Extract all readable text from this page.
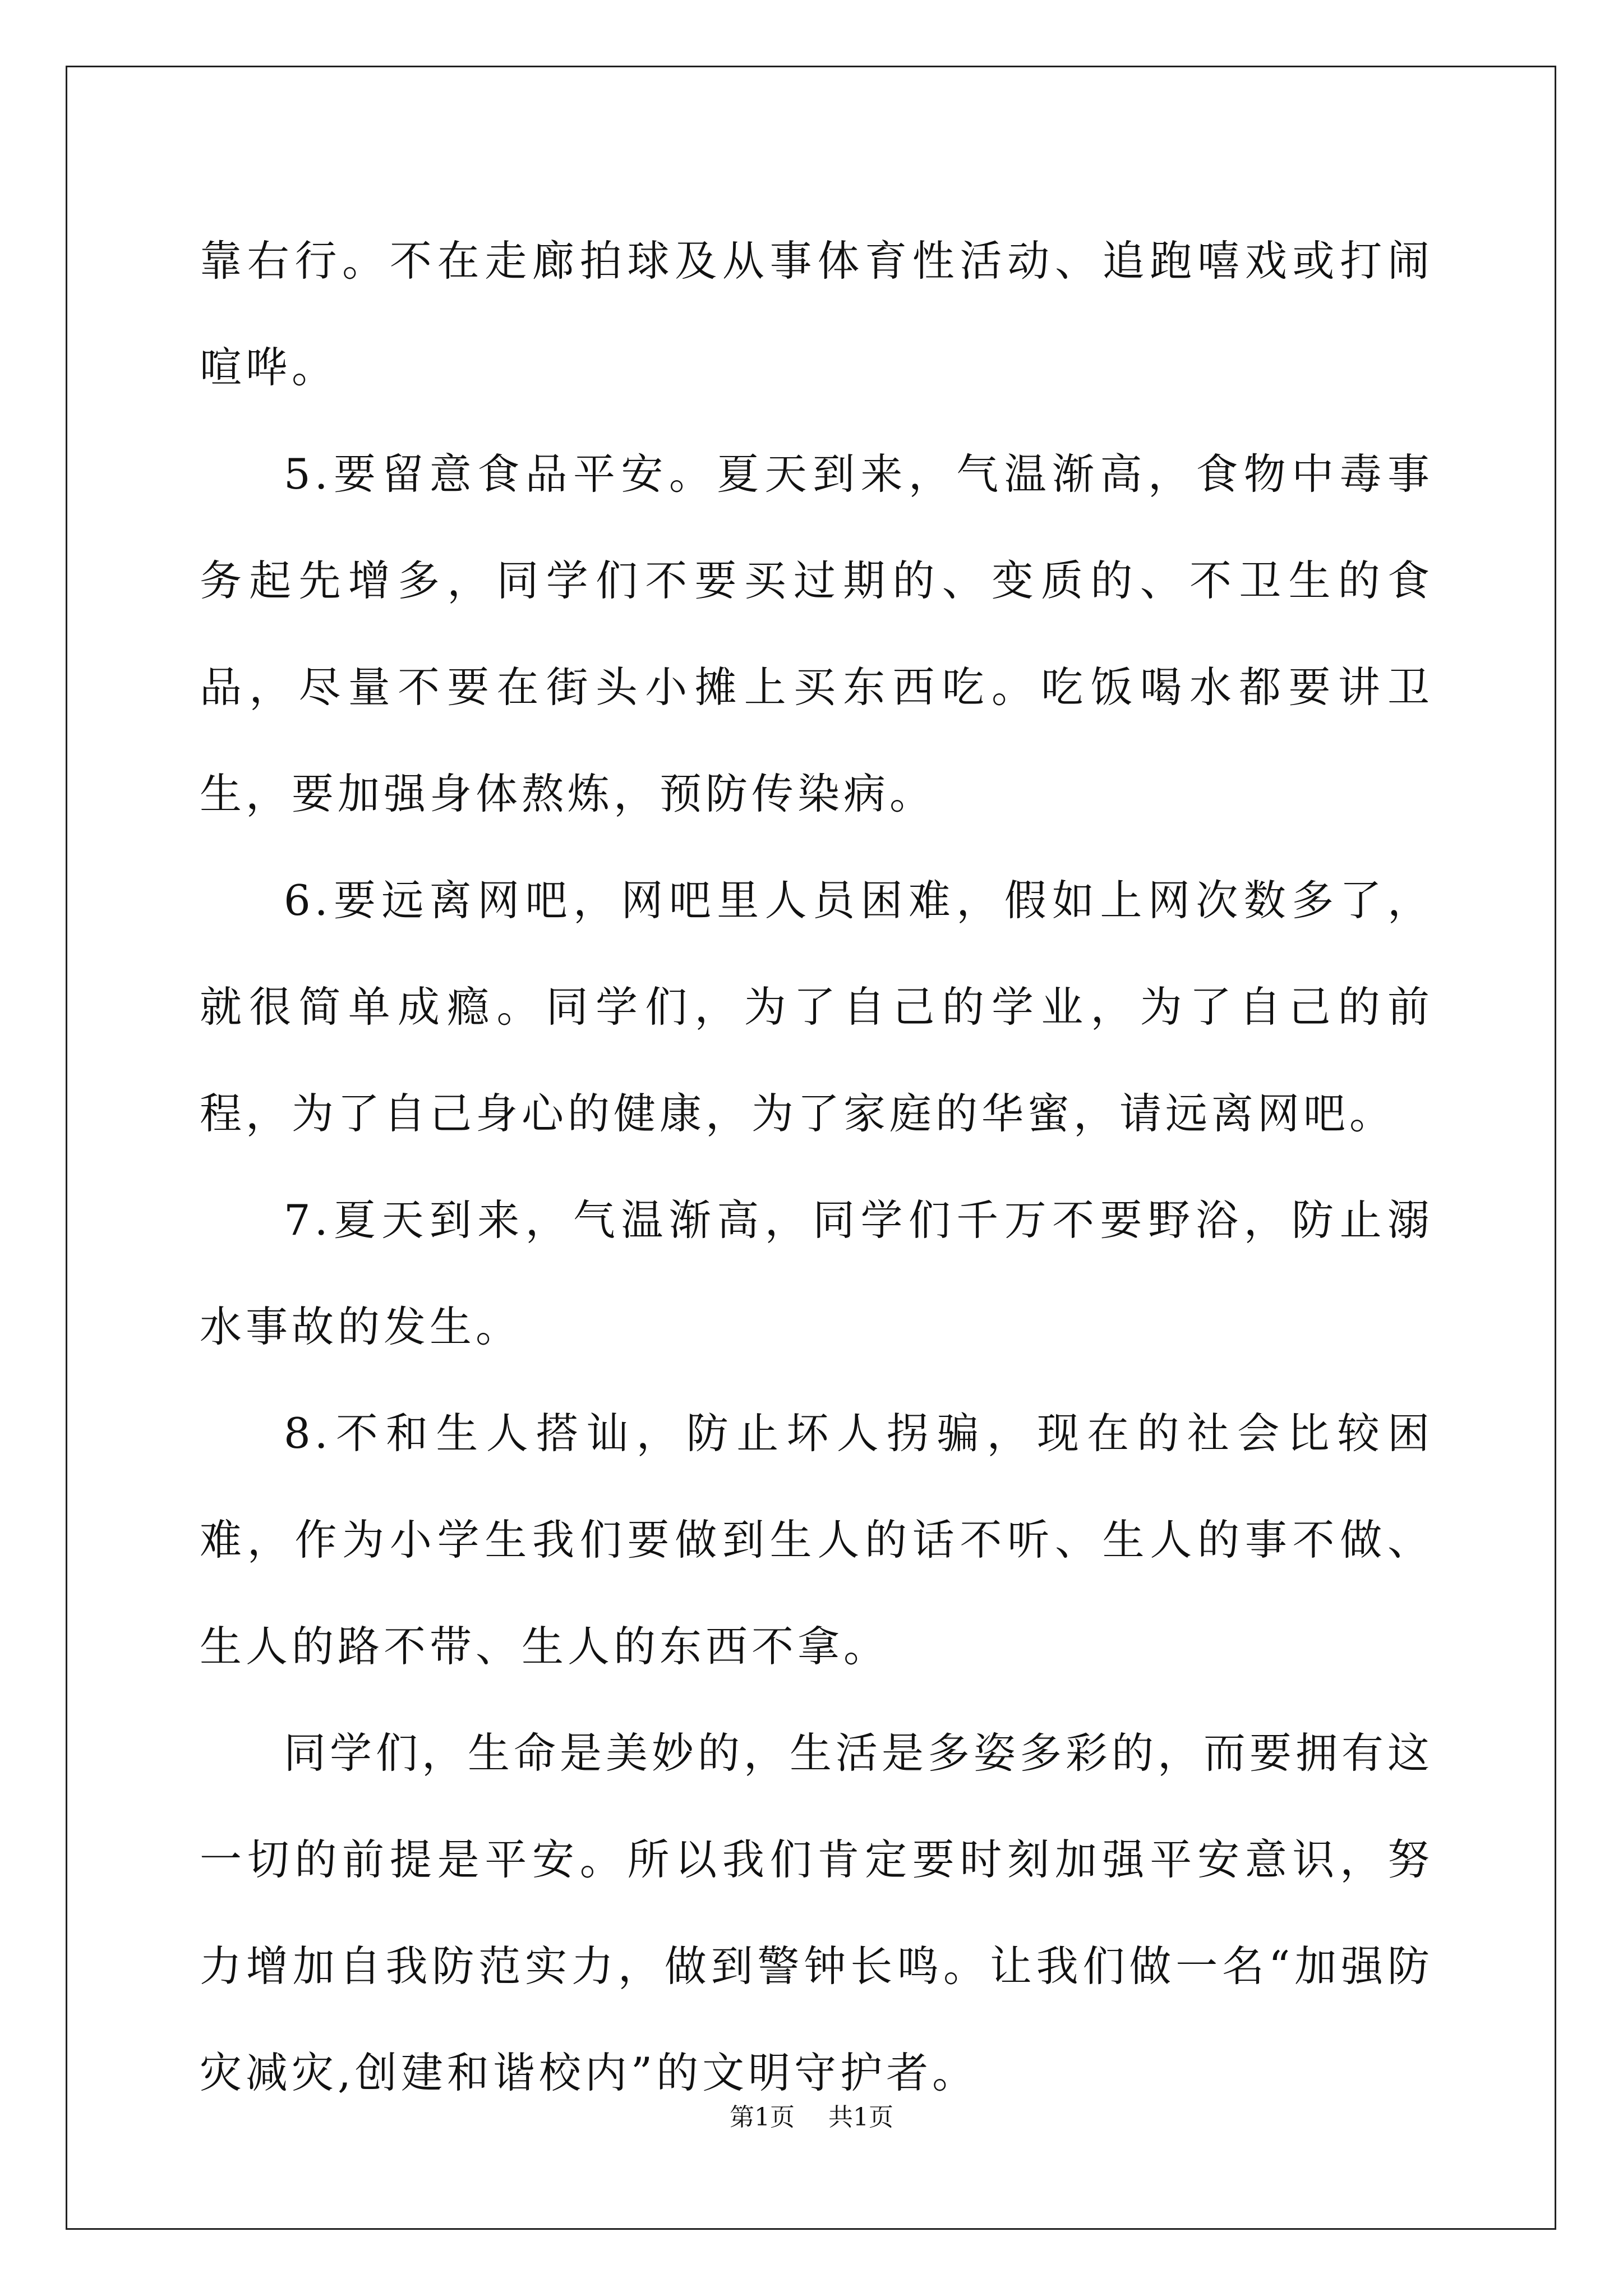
靠右行。不在走廊拍球及从事体育性活动、追跑嘻戏或打闹喧哗。

5.要留意食品平安。夏天到来，气温渐高，食物中毒事务起先增多，同学们不要买过期的、变质的、不卫生的食品，尽量不要在街头小摊上买东西吃。吃饭喝水都要讲卫生，要加强身体熬炼，预防传染病。

6.要远离网吧，网吧里人员困难，假如上网次数多了，就很简单成瘾。同学们，为了自己的学业，为了自己的前程，为了自己身心的健康，为了家庭的华蜜，请远离网吧。

7.夏天到来，气温渐高，同学们千万不要野浴，防止溺水事故的发生。

8.不和生人搭讪，防止坏人拐骗，现在的社会比较困难，作为小学生我们要做到生人的话不听、生人的事不做、生人的路不带、生人的东西不拿。

同学们，生命是美妙的，生活是多姿多彩的，而要拥有这一切的前提是平安。所以我们肯定要时刻加强平安意识，努力增加自我防范实力，做到警钟长鸣。让我们做一名“加强防灾减灾,创建和谐校内”的文明守护者。

第1页 共1页
